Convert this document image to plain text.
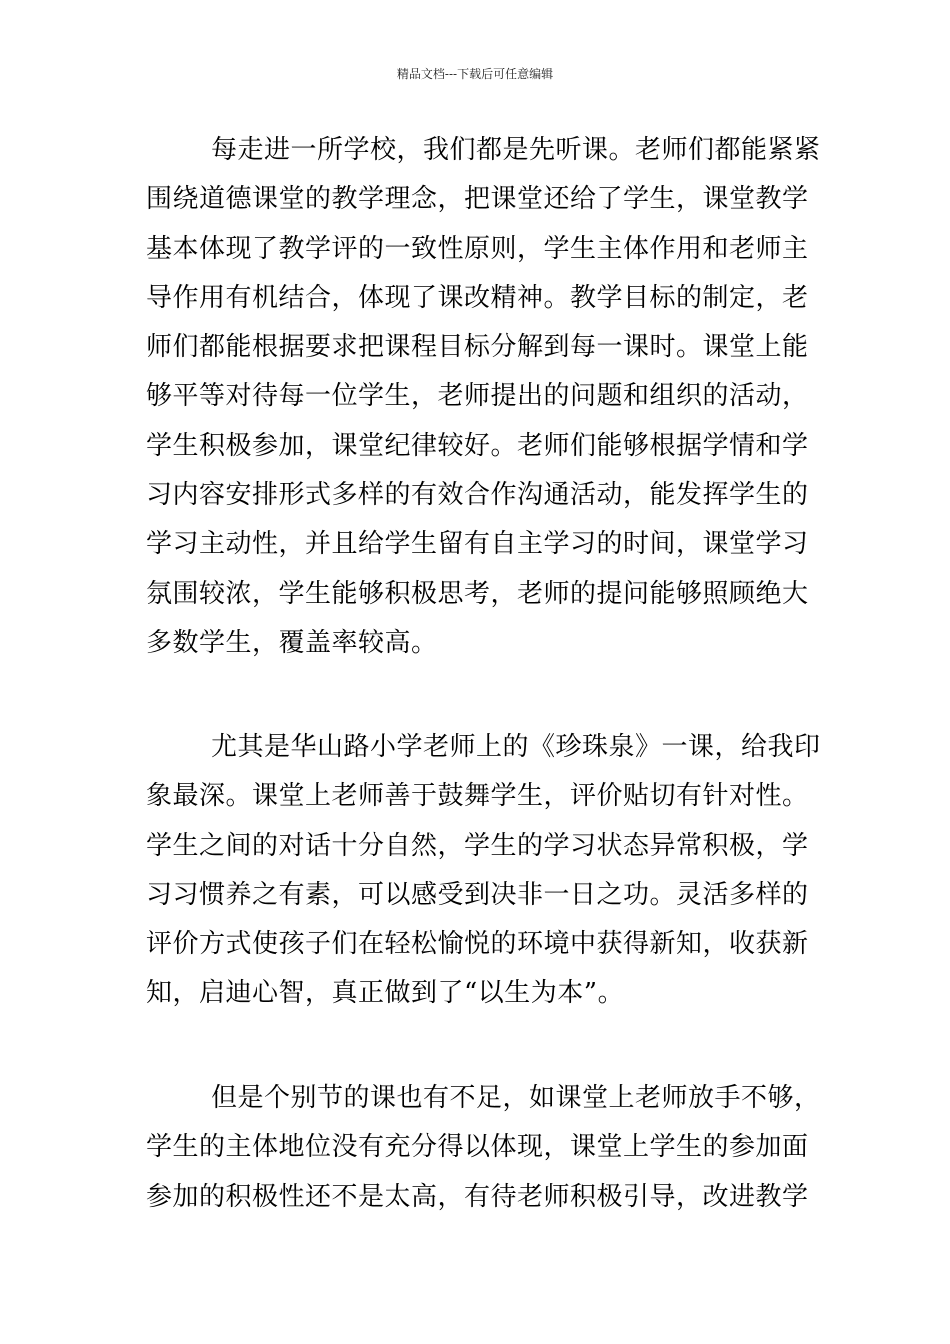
精品文档---下载后可任意编辑

每走进一所学校，我们都是先听课。老师们都能紧紧
围绕道德课堂的教学理念，把课堂还给了学生，课堂教学
基本体现了教学评的一致性原则，学生主体作用和老师主
导作用有机结合，体现了课改精神。教学目标的制定，老
师们都能根据要求把课程目标分解到每一课时。课堂上能
够平等对待每一位学生，老师提出的问题和组织的活动，
学生积极参加，课堂纪律较好。老师们能够根据学情和学
习内容安排形式多样的有效合作沟通活动，能发挥学生的
学习主动性，并且给学生留有自主学习的时间，课堂学习
氛围较浓，学生能够积极思考，老师的提问能够照顾绝大
多数学生，覆盖率较高。

尤其是华山路小学老师上的《珍珠泉》一课，给我印
象最深。课堂上老师善于鼓舞学生，评价贴切有针对性。
学生之间的对话十分自然，学生的学习状态异常积极，学
习习惯养之有素，可以感受到决非一日之功。灵活多样的
评价方式使孩子们在轻松愉悦的环境中获得新知，收获新
知，启迪心智，真正做到了“以生为本”。

但是个别节的课也有不足，如课堂上老师放手不够，
学生的主体地位没有充分得以体现，课堂上学生的参加面
参加的积极性还不是太高，有待老师积极引导，改进教学
